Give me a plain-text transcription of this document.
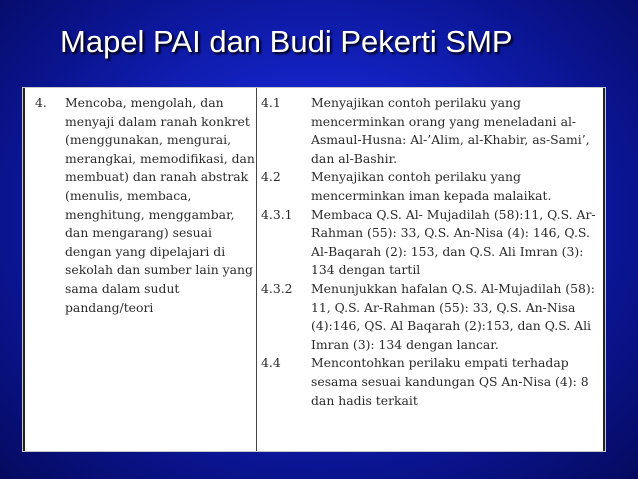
Mapel PAI dan Budi Pekerti SMP
4.	Mencoba, mengolah, dan menyaji dalam ranah konkret (menggunakan, mengurai, merangkai, memodifikasi, dan membuat) dan ranah abstrak (menulis, membaca, menghitung, menggambar, dan mengarang) sesuai dengan yang dipelajari di sekolah dan sumber lain yang sama dalam sudut pandang/teori
4.1	Menyajikan contoh perilaku yang mencerminkan orang yang meneladani al-Asmaul-Husna: Al-’Alim, al-Khabir, as-Sami’, dan al-Bashir.
4.2	Menyajikan contoh perilaku yang mencerminkan iman kepada malaikat.
4.3.1	Membaca Q.S. Al- Mujadilah (58):11, Q.S. Ar-Rahman (55): 33, Q.S. An-Nisa (4): 146, Q.S. Al-Baqarah (2): 153, dan Q.S. Ali Imran (3): 134 dengan tartil
4.3.2	Menunjukkan hafalan Q.S. Al-Mujadilah (58): 11, Q.S. Ar-Rahman (55): 33, Q.S. An-Nisa (4):146, QS. Al Baqarah (2):153, dan Q.S. Ali Imran (3): 134 dengan lancar.
4.4	Mencontohkan perilaku empati terhadap sesama sesuai kandungan QS An-Nisa (4): 8 dan hadis terkait
